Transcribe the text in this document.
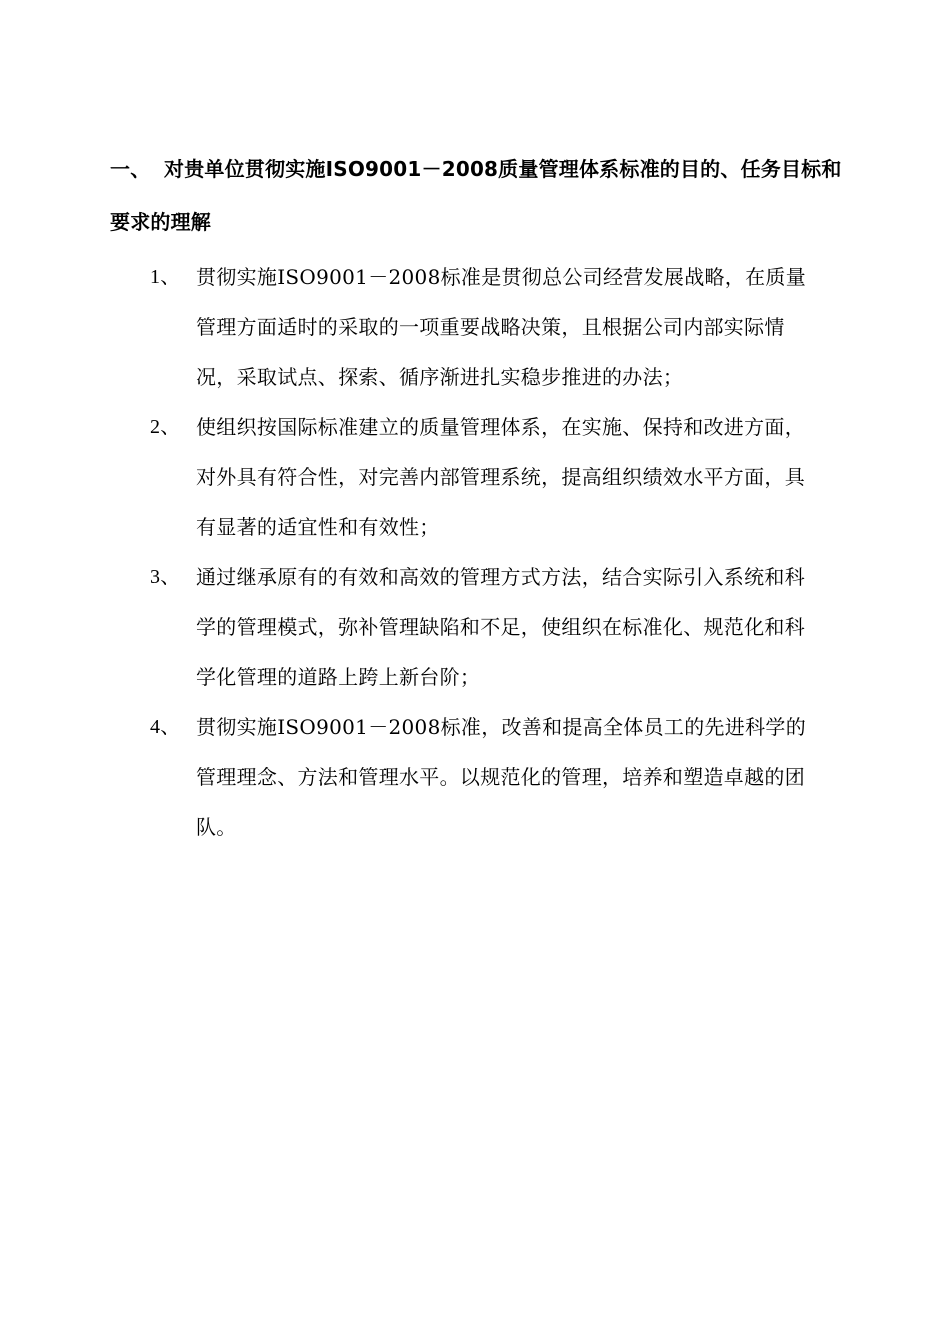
一、 对贵单位贯彻实施ISO9001－2008质量管理体系标准的目的、任务目标和要求的理解
1、 贯彻实施ISO9001－2008标准是贯彻总公司经营发展战略，在质量管理方面适时的采取的一项重要战略决策，且根据公司内部实际情况，采取试点、探索、循序渐进扎实稳步推进的办法；
2、 使组织按国际标准建立的质量管理体系，在实施、保持和改进方面，对外具有符合性，对完善内部管理系统，提高组织绩效水平方面，具有显著的适宜性和有效性；
3、 通过继承原有的有效和高效的管理方式方法，结合实际引入系统和科学的管理模式，弥补管理缺陷和不足，使组织在标准化、规范化和科学化管理的道路上跨上新台阶；
4、 贯彻实施ISO9001－2008标准，改善和提高全体员工的先进科学的管理理念、方法和管理水平。以规范化的管理，培养和塑造卓越的团队。
